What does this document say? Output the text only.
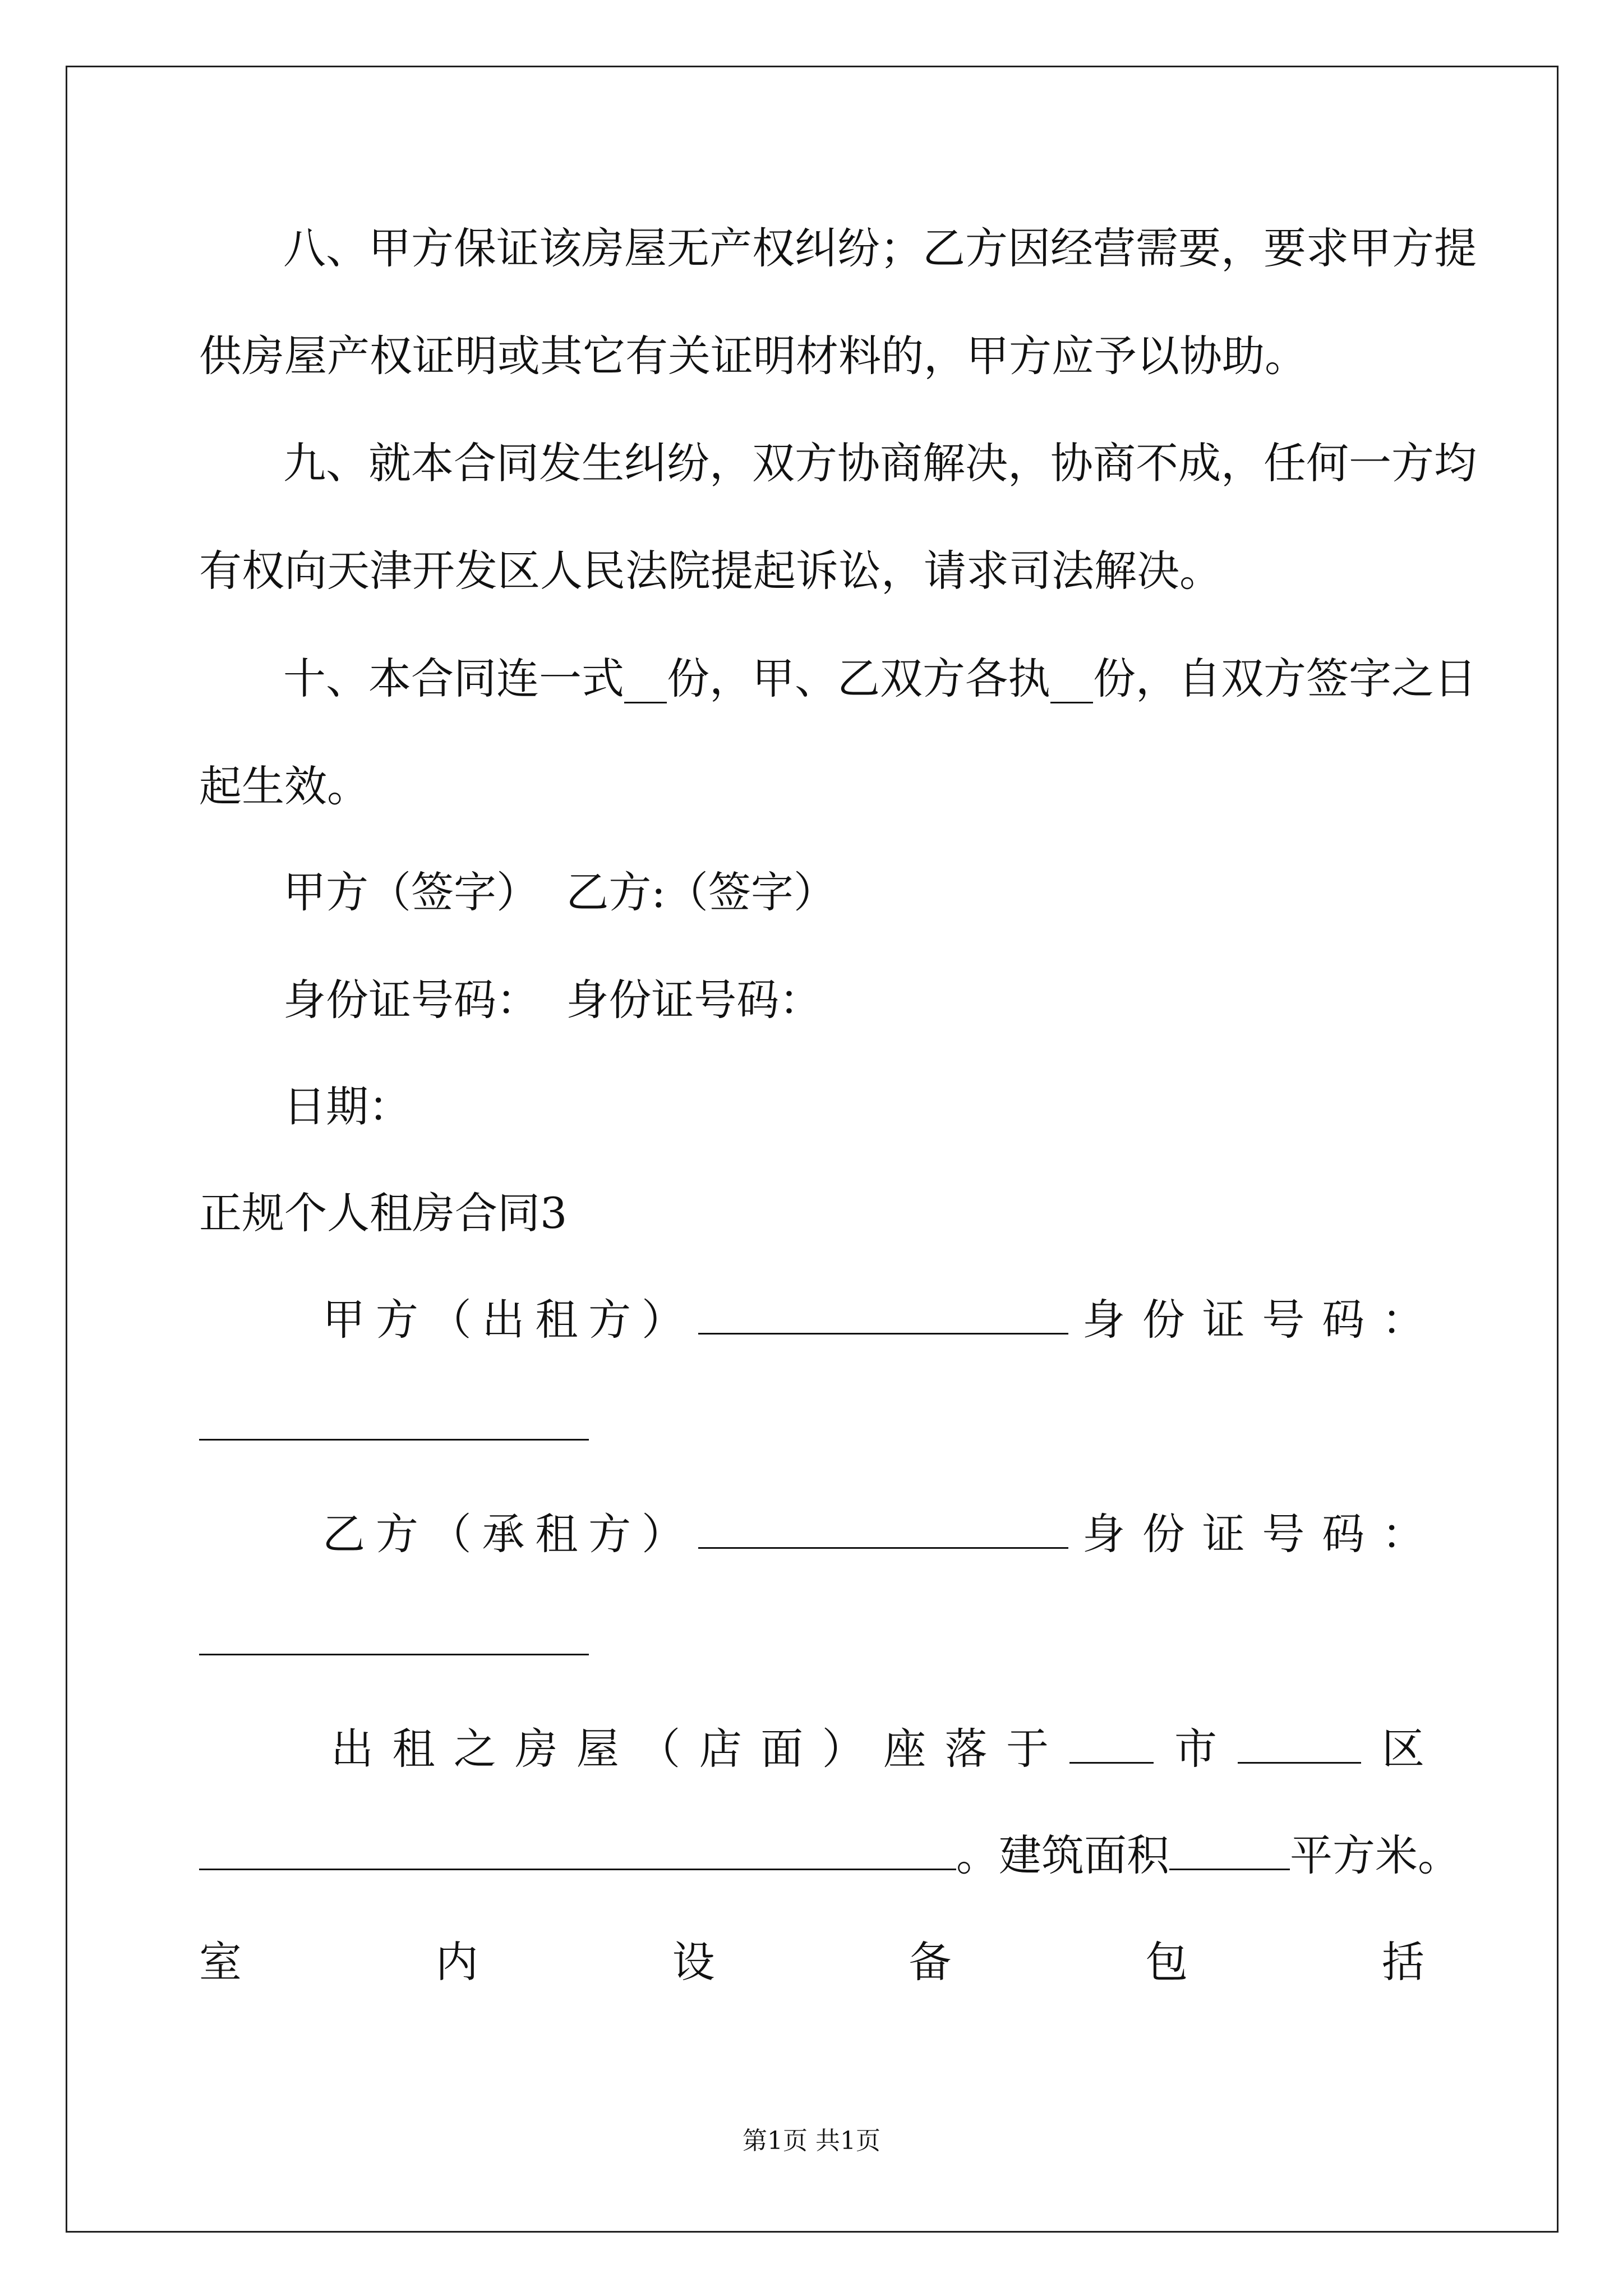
八、甲方保证该房屋无产权纠纷；乙方因经营需要，要求甲方提
供房屋产权证明或其它有关证明材料的，甲方应予以协助。
九、就本合同发生纠纷，双方协商解决，协商不成，任何一方均
有权向天津开发区人民法院提起诉讼，请求司法解决。
十、本合同连一式__份，甲、乙双方各执__份，自双方签字之日
起生效。
甲方（签字）  乙方:（签字）
身份证号码：  身份证号码：
日期：
正规个人租房合同3
甲 方 （ 出 租 方 ）	身 份 证 号 码 ：
乙 方 （ 承 租 方 ）	身 份 证 号 码 ：
出 租 之 房 屋 （ 店 面 ） 座 落 于	市	区
。建筑面积	平方米。
室	内	设	备	包	括
第1页 共1页
